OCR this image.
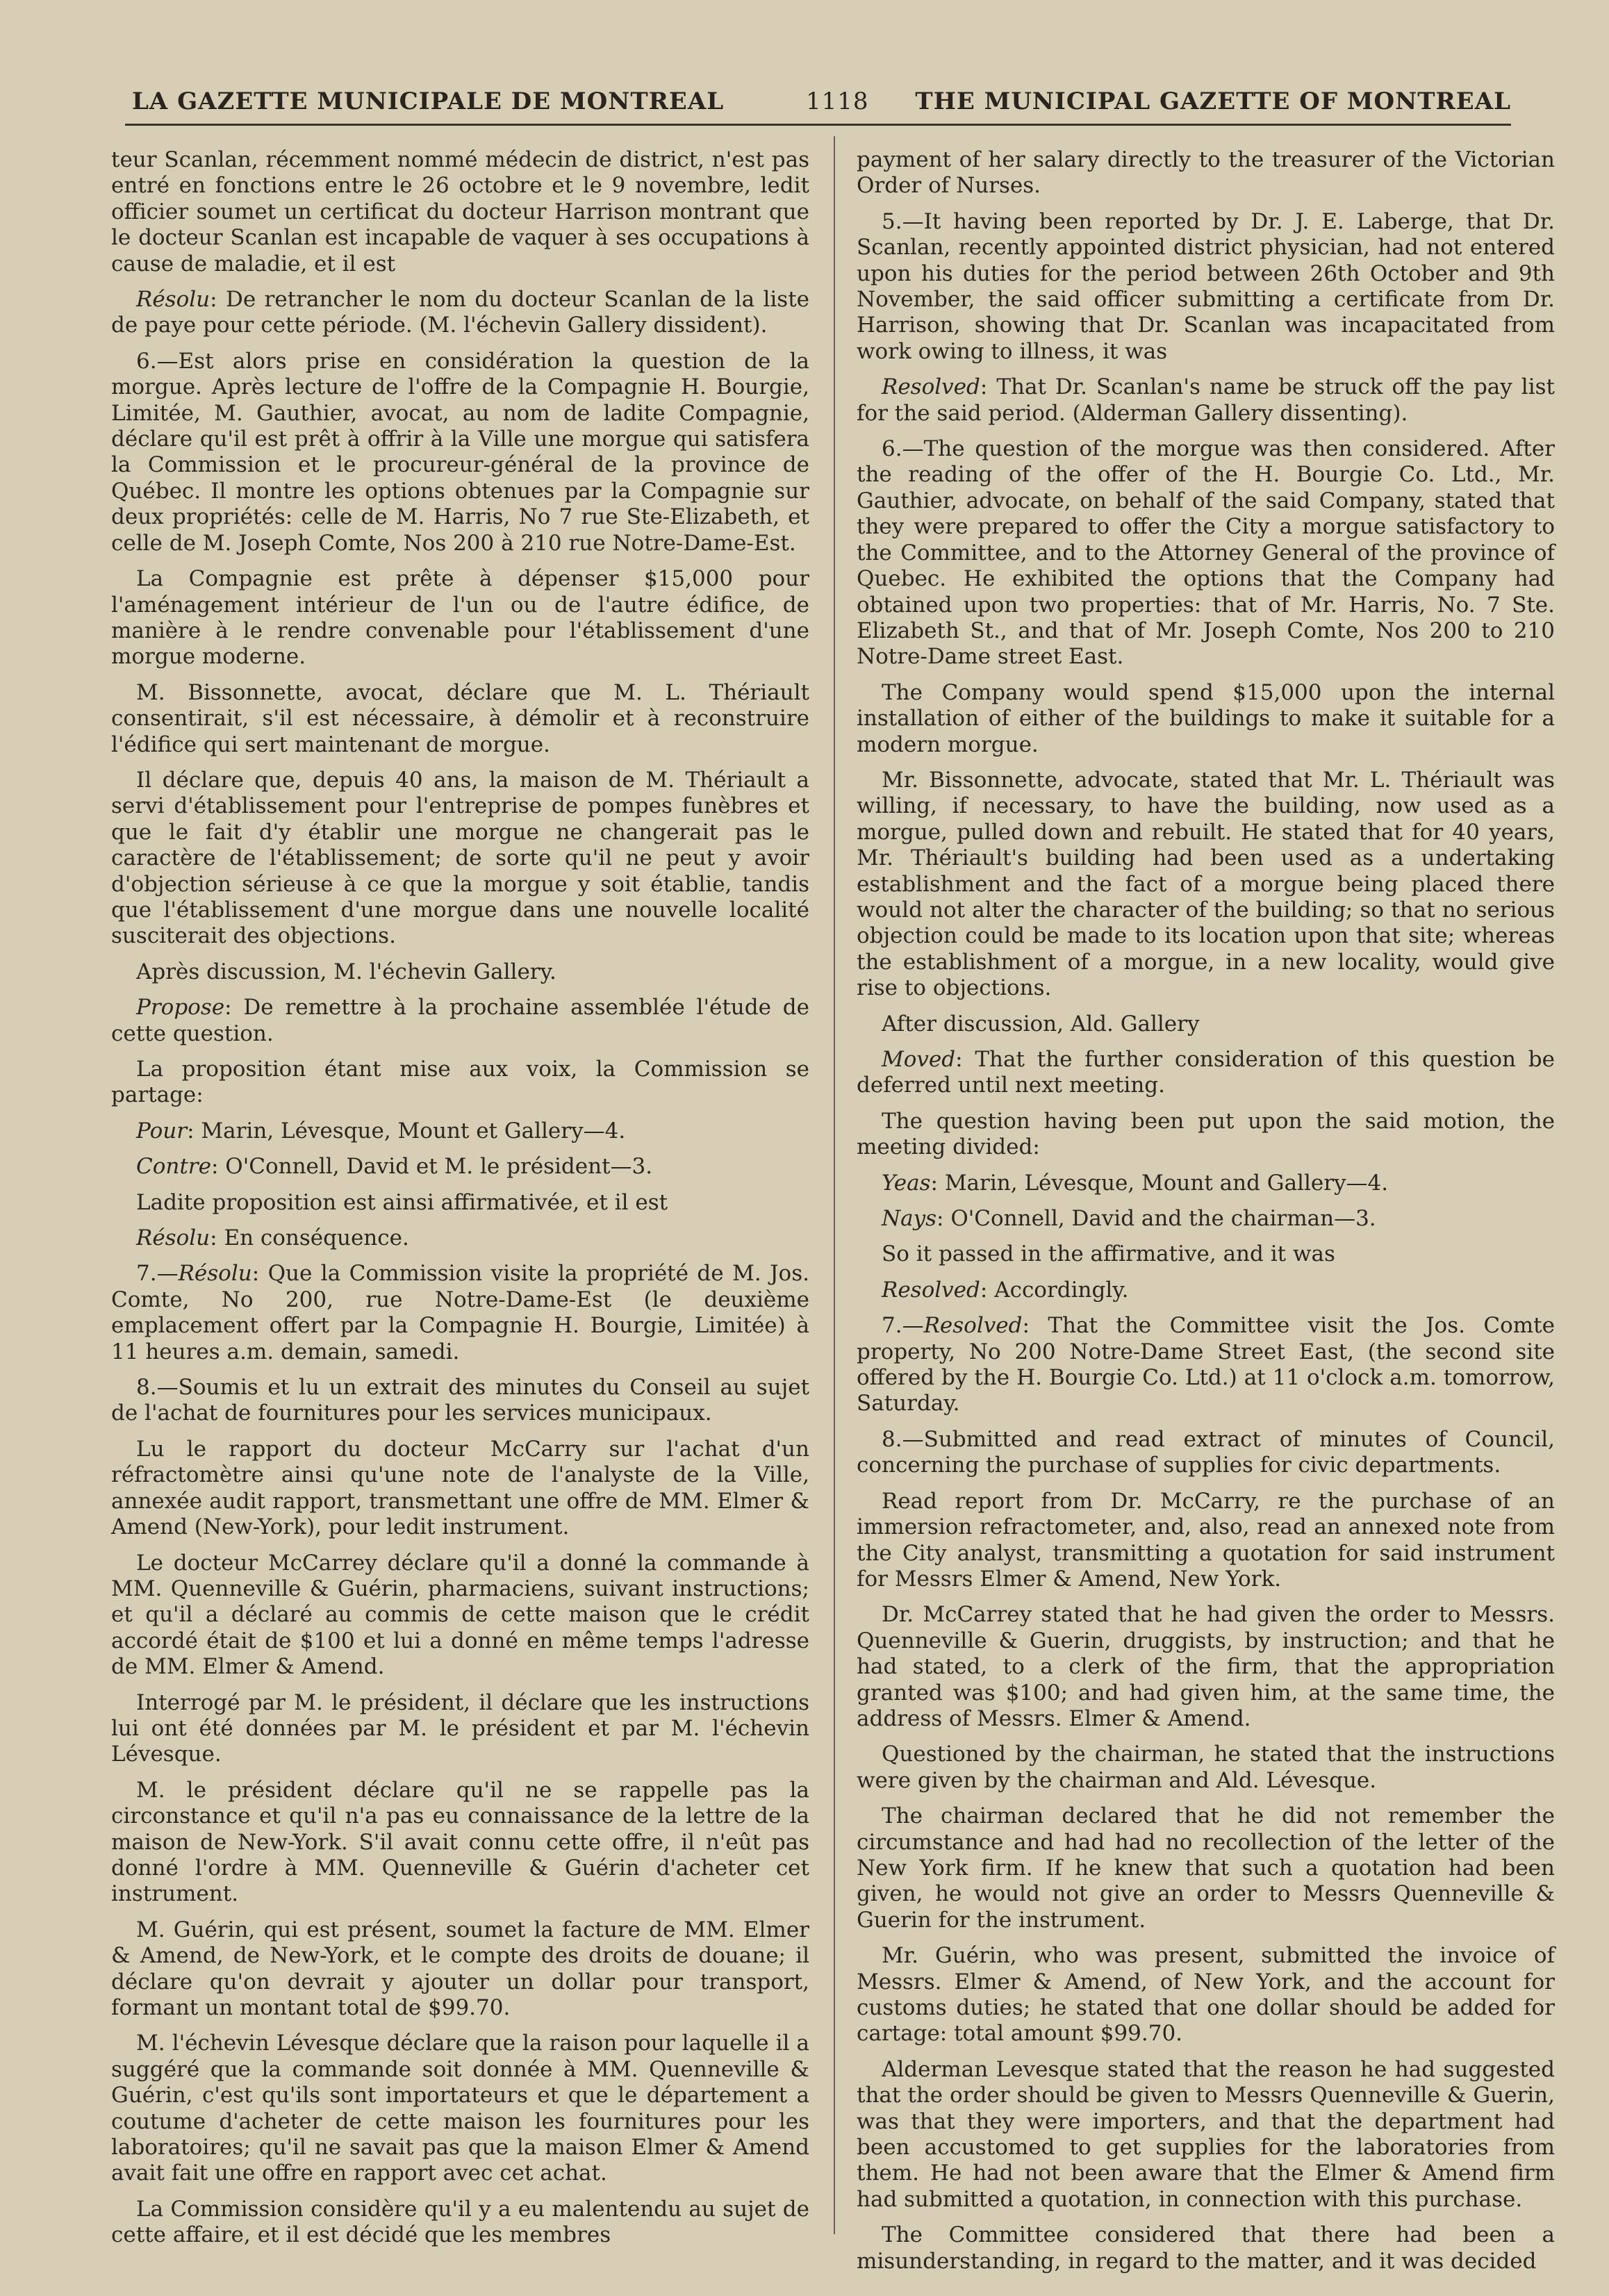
LA GAZETTE MUNICIPALE DE MONTREAL	1118 THE MUNICIPAL GAZETTE OF MONTREAL

teur Scanlan, récemment nommé médecin de district, n'est pas entré en fonctions entre le 26 octobre et le 9 novembre, ledit officier soumet un certificat du docteur Harrison montrant que le docteur Scanlan est incapable de vaquer à ses occupations à cause de maladie, et il est

Résolu: De retrancher le nom du docteur Scanlan de la liste de paye pour cette période. (M. l'échevin Gallery dissident).

6.—Est alors prise en considération la question de la morgue. Après lecture de l'offre de la Compagnie H. Bourgie, Limitée, M. Gauthier, avocat, au nom de ladite Compagnie, déclare qu'il est prêt à offrir à la Ville une morgue qui satisfera la Commission et le procureur-général de la province de Québec. Il montre les options obtenues par la Compagnie sur deux propriétés: celle de M. Harris, No 7 rue Ste-Elizabeth, et celle de M. Joseph Comte, Nos 200 à 210 rue Notre-Dame-Est.

La Compagnie est prête à dépenser $15,000 pour l'aménagement intérieur de l'un ou de l'autre édifice, de manière à le rendre convenable pour l'établissement d'une morgue moderne.

M. Bissonnette, avocat, déclare que M. L. Thériault consentirait, s'il est nécessaire, à démolir et à reconstruire l'édifice qui sert maintenant de morgue.

Il déclare que, depuis 40 ans, la maison de M. Thériault a servi d'établissement pour l'entreprise de pompes funèbres et que le fait d'y établir une morgue ne changerait pas le caractère de l'établissement; de sorte qu'il ne peut y avoir d'objection sérieuse à ce que la morgue y soit établie, tandis que l'établissement d'une morgue dans une nouvelle localité susciterait des objections.

Après discussion, M. l'échevin Gallery.

Propose: De remettre à la prochaine assemblée l'étude de cette question.

La proposition étant mise aux voix, la Commission se partage:

Pour: Marin, Lévesque, Mount et Gallery—4.

Contre: O'Connell, David et M. le président—3.

Ladite proposition est ainsi affirmativée, et il est

Résolu: En conséquence.

7.—Résolu: Que la Commission visite la propriété de M. Jos. Comte, No 200, rue Notre-Dame-Est (le deuxième emplacement offert par la Compagnie H. Bourgie, Limitée) à 11 heures a.m. demain, samedi.

8.—Soumis et lu un extrait des minutes du Conseil au sujet de l'achat de fournitures pour les services municipaux.

Lu le rapport du docteur McCarry sur l'achat d'un réfractomètre ainsi qu'une note de l'analyste de la Ville, annexée audit rapport, transmettant une offre de MM. Elmer & Amend (New-York), pour ledit instrument.

Le docteur McCarrey déclare qu'il a donné la commande à MM. Quenneville & Guérin, pharmaciens, suivant instructions; et qu'il a déclaré au commis de cette maison que le crédit accordé était de $100 et lui a donné en même temps l'adresse de MM. Elmer & Amend.

Interrogé par M. le président, il déclare que les instructions lui ont été données par M. le président et par M. l'échevin Lévesque.

M. le président déclare qu'il ne se rappelle pas la circonstance et qu'il n'a pas eu connaissance de la lettre de la maison de New-York. S'il avait connu cette offre, il n'eût pas donné l'ordre à MM. Quenneville & Guérin d'acheter cet instrument.

M. Guérin, qui est présent, soumet la facture de MM. Elmer & Amend, de New-York, et le compte des droits de douane; il déclare qu'on devrait y ajouter un dollar pour transport, formant un montant total de $99.70.

M. l'échevin Lévesque déclare que la raison pour laquelle il a suggéré que la commande soit donnée à MM. Quenneville & Guérin, c'est qu'ils sont importateurs et que le département a coutume d'acheter de cette maison les fournitures pour les laboratoires; qu'il ne savait pas que la maison Elmer & Amend avait fait une offre en rapport avec cet achat.

La Commission considère qu'il y a eu malentendu au sujet de cette affaire, et il est décidé que les membres

payment of her salary directly to the treasurer of the Victorian Order of Nurses.

5.—It having been reported by Dr. J. E. Laberge, that Dr. Scanlan, recently appointed district physician, had not entered upon his duties for the period between 26th October and 9th November, the said officer submitting a certificate from Dr. Harrison, showing that Dr. Scanlan was incapacitated from work owing to illness, it was

Resolved: That Dr. Scanlan's name be struck off the pay list for the said period. (Alderman Gallery dissenting).

6.—The question of the morgue was then considered. After the reading of the offer of the H. Bourgie Co. Ltd., Mr. Gauthier, advocate, on behalf of the said Company, stated that they were prepared to offer the City a morgue satisfactory to the Committee, and to the Attorney General of the province of Quebec. He exhibited the options that the Company had obtained upon two properties: that of Mr. Harris, No. 7 Ste. Elizabeth St., and that of Mr. Joseph Comte, Nos 200 to 210 Notre-Dame street East.

The Company would spend $15,000 upon the internal installation of either of the buildings to make it suitable for a modern morgue.

Mr. Bissonnette, advocate, stated that Mr. L. Thériault was willing, if necessary, to have the building, now used as a morgue, pulled down and rebuilt. He stated that for 40 years, Mr. Thériault's building had been used as a undertaking establishment and the fact of a morgue being placed there would not alter the character of the building; so that no serious objection could be made to its location upon that site; whereas the establishment of a morgue, in a new locality, would give rise to objections.

After discussion, Ald. Gallery

Moved: That the further consideration of this question be deferred until next meeting.

The question having been put upon the said motion, the meeting divided:

Yeas: Marin, Lévesque, Mount and Gallery—4.

Nays: O'Connell, David and the chairman—3.

So it passed in the affirmative, and it was

Resolved: Accordingly.

7.—Resolved: That the Committee visit the Jos. Comte property, No 200 Notre-Dame Street East, (the second site offered by the H. Bourgie Co. Ltd.) at 11 o'clock a.m. tomorrow, Saturday.

8.—Submitted and read extract of minutes of Council, concerning the purchase of supplies for civic departments.

Read report from Dr. McCarry, re the purchase of an immersion refractometer, and, also, read an annexed note from the City analyst, transmitting a quotation for said instrument for Messrs Elmer & Amend, New York.

Dr. McCarrey stated that he had given the order to Messrs. Quenneville & Guerin, druggists, by instruction; and that he had stated, to a clerk of the firm, that the appropriation granted was $100; and had given him, at the same time, the address of Messrs. Elmer & Amend.

Questioned by the chairman, he stated that the instructions were given by the chairman and Ald. Lévesque.

The chairman declared that he did not remember the circumstance and had had no recollection of the letter of the New York firm. If he knew that such a quotation had been given, he would not give an order to Messrs Quenneville & Guerin for the instrument.

Mr. Guérin, who was present, submitted the invoice of Messrs. Elmer & Amend, of New York, and the account for customs duties; he stated that one dollar should be added for cartage: total amount $99.70.

Alderman Levesque stated that the reason he had suggested that the order should be given to Messrs Quenneville & Guerin, was that they were importers, and that the department had been accustomed to get supplies for the laboratories from them. He had not been aware that the Elmer & Amend firm had submitted a quotation, in connection with this purchase.

The Committee considered that there had been a misunderstanding, in regard to the matter, and it was decided
